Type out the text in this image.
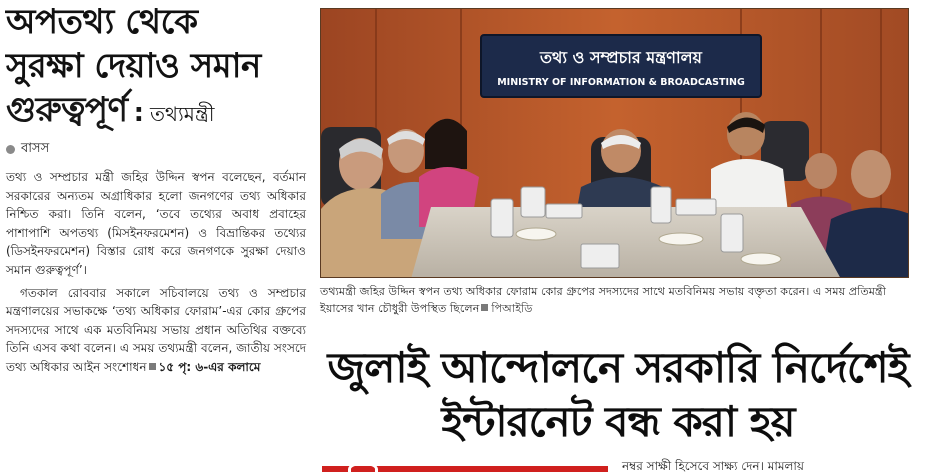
অপতথ্য থেকে
সুরক্ষা দেয়াও সমান
গুরুত্বপূর্ণ : তথ্যমন্ত্রী
বাসস

তথ্য ও সম্প্রচার মন্ত্রী জহির উদ্দিন স্বপন বলেছেন, বর্তমান সরকারের অন্যতম অগ্রাধিকার হলো জনগণের তথ্য অধিকার নিশ্চিত করা। তিনি বলেন, ‘তবে তথ্যের অবাধ প্রবাহের পাশাপাশি অপতথ্য (মিসইনফরমেশন) ও বিভ্রান্তিকর তথ্যের (ডিসইনফরমেশন) বিস্তার রোধ করে জনগণকে সুরক্ষা দেয়াও সমান গুরুত্বপূর্ণ’।

গতকাল রোববার সকালে সচিবালয়ে তথ্য ও সম্প্রচার মন্ত্রণালয়ের সভাকক্ষে ‘তথ্য অধিকার ফোরাম’-এর কোর গ্রুপের সদস্যদের সাথে এক মতবিনিময় সভায় প্রধান অতিথির বক্তব্যে তিনি এসব কথা বলেন। এ সময় তথ্যমন্ত্রী বলেন, জাতীয় সংসদে তথ্য অধিকার আইন সংশোধন ১৫ পৃ: ৬-এর কলামে

তথ্য ও সম্প্রচার মন্ত্রণালয়
MINISTRY OF INFORMATION & BROADCASTING

তথ্যমন্ত্রী জহির উদ্দিন স্বপন তথ্য অধিকার ফোরাম কোর গ্রুপের সদস্যদের সাথে মতবিনিময় সভায় বক্তৃতা করেন। এ সময় প্রতিমন্ত্রী ইয়াসের খান চৌধুরী উপস্থিত ছিলেন পিআইডি

জুলাই আন্দোলনে সরকারি নির্দেশেই
ইন্টারনেট বন্ধ করা হয়
নম্বর সাক্ষী হিসেবে সাক্ষ্য দেন। মামলায়
